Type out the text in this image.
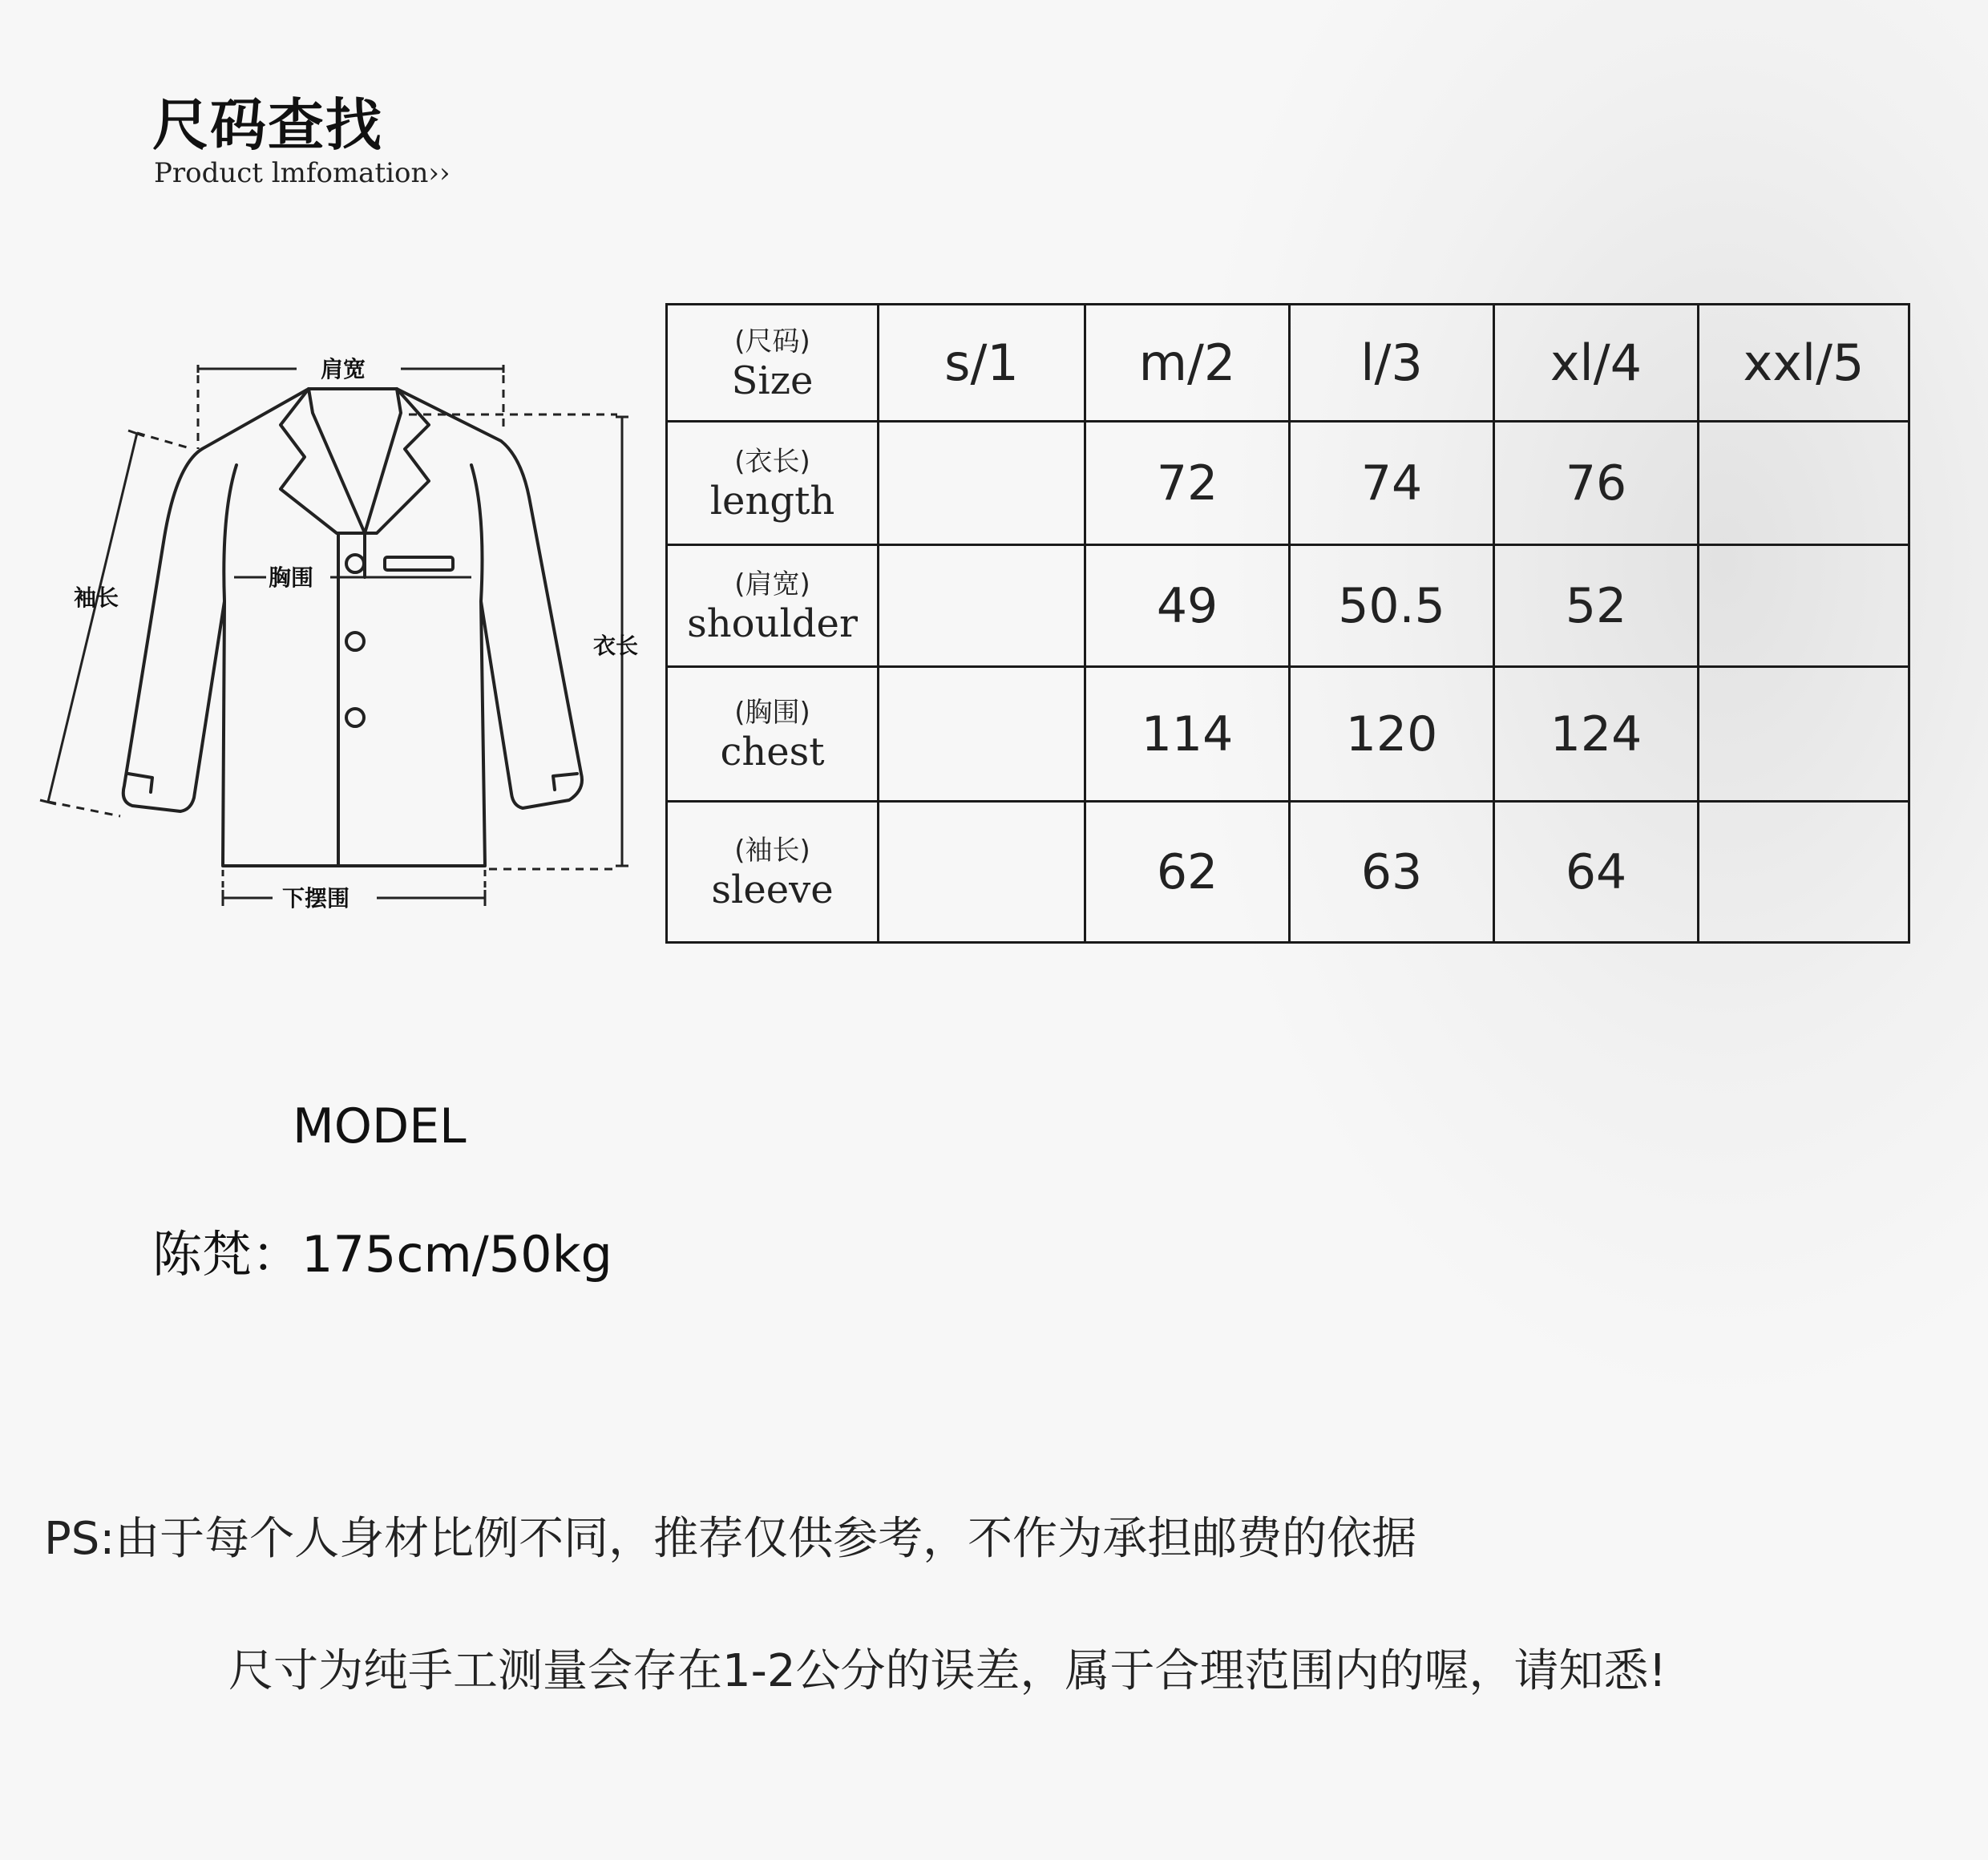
尺码查找
Product lmfomation››
肩宽
袖长
胸围
衣长
下摆围
(尺码)
Size	s/1	m/2	l/3	xl/4	xxl/5

(衣长)
length		72	74	76	

(肩宽)
shoulder		49	50.5	52	

(胸围)
chest		114	120	124	

(袖长)
sleeve		62	63	64	
MODEL
陈梵：175cm/50kg
PS:由于每个人身材比例不同，推荐仅供参考，不作为承担邮费的依据
尺寸为纯手工测量会存在1-2公分的误差，属于合理范围内的喔，请知悉!
